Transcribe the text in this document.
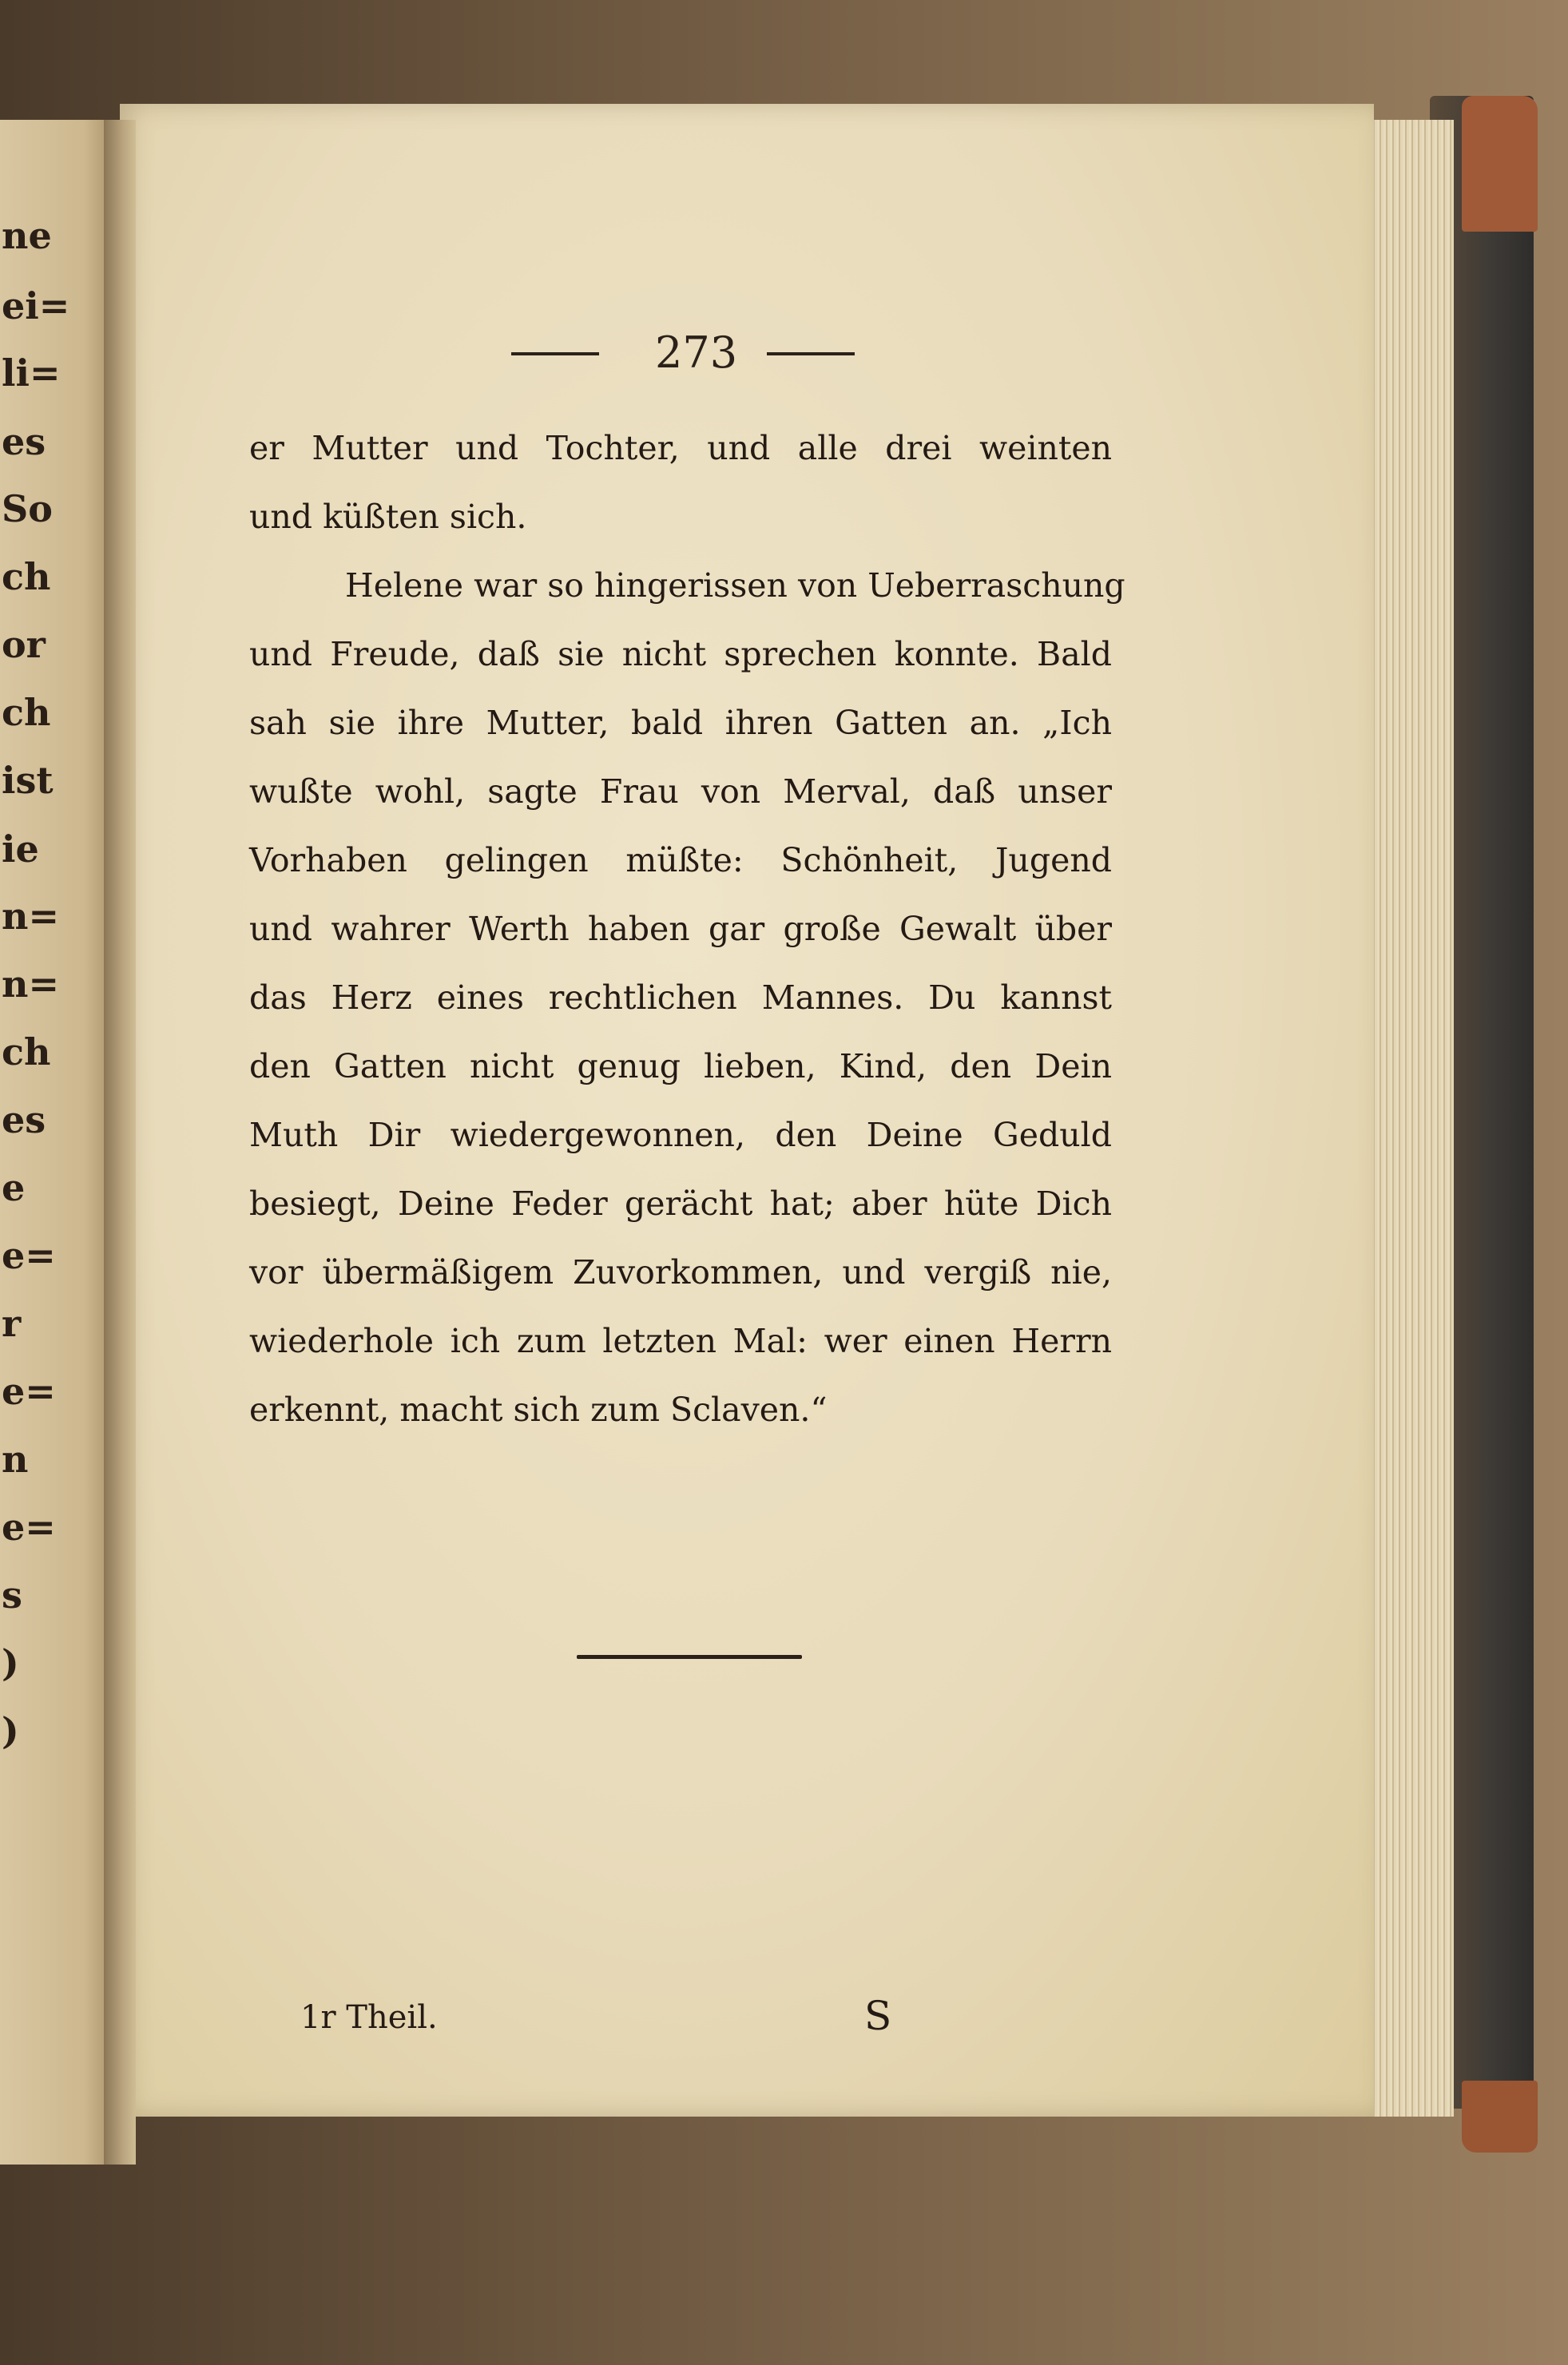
ne
ei=
li=
es
So
ch
or
ch
ist
ie
n=
n=
ch
es
e
e=
r
e=
n
e=
s
)
)
273
er Mutter und Tochter, und alle drei weinten
und küßten sich.
Helene war so hingerissen von Ueberraschung
und Freude, daß sie nicht sprechen konnte. Bald
sah sie ihre Mutter, bald ihren Gatten an. „Ich
wußte wohl, sagte Frau von Merval, daß unser
Vorhaben gelingen müßte: Schönheit, Jugend
und wahrer Werth haben gar große Gewalt über
das Herz eines rechtlichen Mannes. Du kannst
den Gatten nicht genug lieben, Kind, den Dein
Muth Dir wiedergewonnen, den Deine Geduld
besiegt, Deine Feder gerächt hat; aber hüte Dich
vor übermäßigem Zuvorkommen, und vergiß nie,
wiederhole ich zum letzten Mal: wer einen Herrn
erkennt, macht sich zum Sclaven.“
1r Theil.	S
